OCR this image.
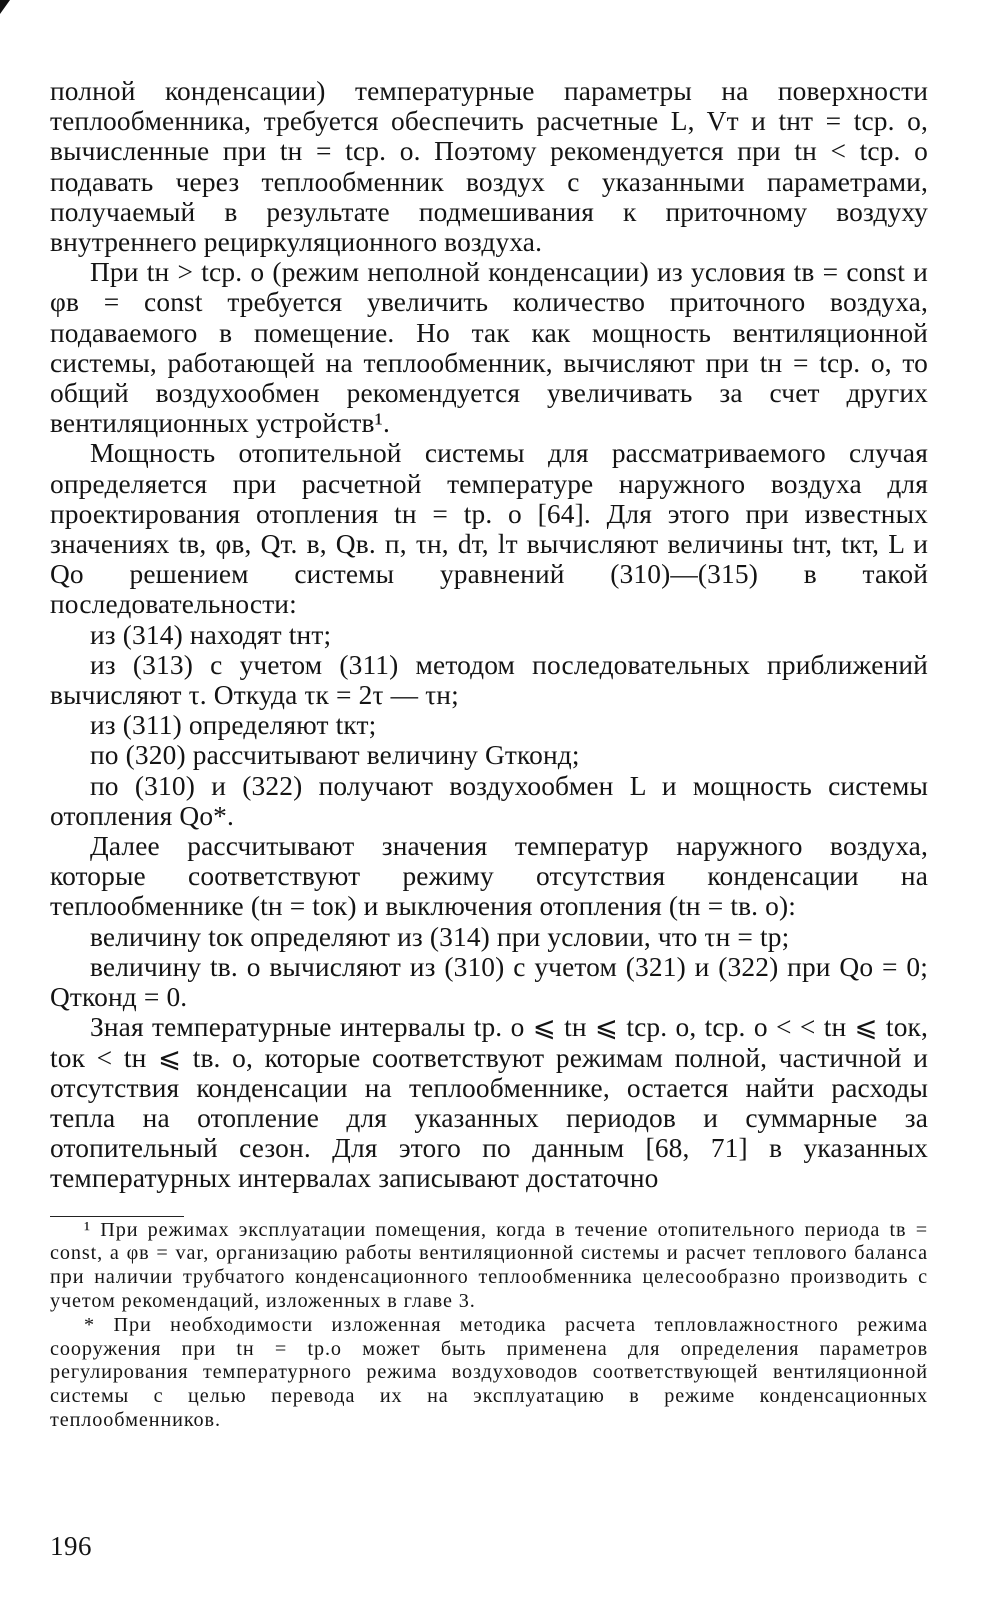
полной конденсации) температурные параметры на поверхности теплообменника, требуется обеспечить расчетные L, Vт и tнт = tср. о, вычисленные при tн = tср. о. Поэтому рекомендуется при tн < tср. о подавать через теплообменник воздух с указанными параметрами, получаемый в результате подмешивания к приточному воздуху внутреннего рециркуляционного воздуха.

При tн > tср. о (режим неполной конденсации) из условия tв = const и φв = const требуется увеличить количество приточного воздуха, подаваемого в помещение. Но так как мощность вентиляционной системы, работающей на теплообменник, вычисляют при tн = tср. о, то общий воздухообмен рекомендуется увеличивать за счет других вентиляционных устройств¹.

Мощность отопительной системы для рассматриваемого случая определяется при расчетной температуре наружного воздуха для проектирования отопления tн = tр. о [64]. Для этого при известных значениях tв, φв, Qт. в, Qв. п, τн, dт, lт вычисляют величины tнт, tкт, L и Qо решением системы уравнений (310)—(315) в такой последовательности:

из (314) находят tнт;

из (313) с учетом (311) методом последовательных приближений вычисляют τ. Откуда τк = 2τ — τн;

из (311) определяют tкт;

по (320) рассчитывают величину Gтконд;

по (310) и (322) получают воздухообмен L и мощность системы отопления Qо*.

Далее рассчитывают значения температур наружного воздуха, которые соответствуют режиму отсутствия конденсации на теплообменнике (tн = tок) и выключения отопления (tн = tв. о):

величину tок определяют из (314) при условии, что τн = tр;

величину tв. о вычисляют из (310) с учетом (321) и (322) при Qо = 0; Qтконд = 0.

Зная температурные интервалы tр. о ⩽ tн ⩽ tср. о, tср. о < < tн ⩽ tок, tок < tн ⩽ tв. о, которые соответствуют режимам полной, частичной и отсутствия конденсации на теплообменнике, остается найти расходы тепла на отопление для указанных периодов и суммарные за отопительный сезон. Для этого по данным [68, 71] в указанных температурных интервалах записывают достаточно

¹ При режимах эксплуатации помещения, когда в течение отопительного периода tв = const, а φв = var, организацию работы вентиляционной системы и расчет теплового баланса при наличии трубчатого конденсационного теплообменника целесообразно производить с учетом рекомендаций, изложенных в главе 3.

* При необходимости изложенная методика расчета тепловлажностного режима сооружения при tн = tр.о может быть применена для определения параметров регулирования температурного режима воздуховодов соответствующей вентиляционной системы с целью перевода их на эксплуатацию в режиме конденсационных теплообменников.

196
